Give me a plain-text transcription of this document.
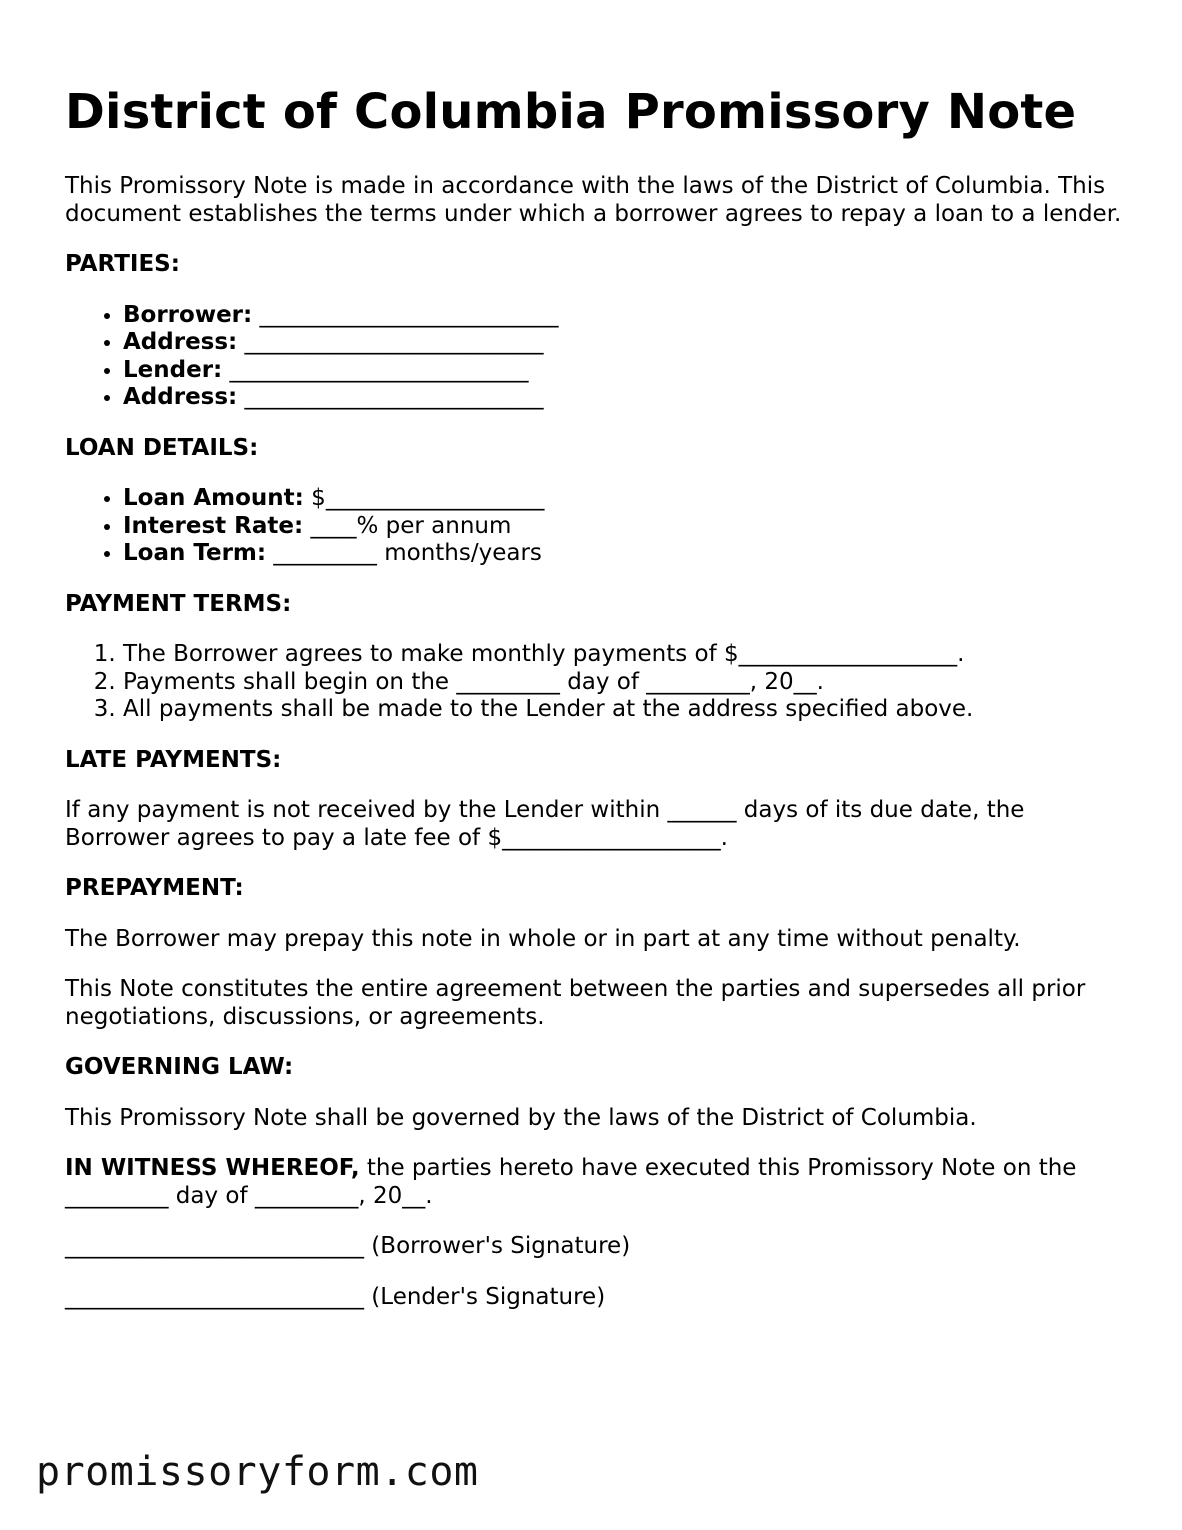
District of Columbia Promissory Note

This Promissory Note is made in accordance with the laws of the District of Columbia. This document establishes the terms under which a borrower agrees to repay a loan to a lender.

PARTIES:
• Borrower: __________________________
• Address: __________________________
• Lender: __________________________
• Address: __________________________
LOAN DETAILS:
• Loan Amount: $___________________
• Interest Rate: ____% per annum
• Loan Term: _________ months/years
PAYMENT TERMS:
1. The Borrower agrees to make monthly payments of $___________________.
2. Payments shall begin on the _________ day of _________, 20__.
3. All payments shall be made to the Lender at the address specified above.
LATE PAYMENTS:

If any payment is not received by the Lender within ______ days of its due date, the Borrower agrees to pay a late fee of $___________________.

PREPAYMENT:

The Borrower may prepay this note in whole or in part at any time without penalty.

This Note constitutes the entire agreement between the parties and supersedes all prior negotiations, discussions, or agreements.

GOVERNING LAW:

This Promissory Note shall be governed by the laws of the District of Columbia.

IN WITNESS WHEREOF, the parties hereto have executed this Promissory Note on the _________ day of _________, 20__.

__________________________ (Borrower's Signature)
__________________________ (Lender's Signature)
promissoryform.com
